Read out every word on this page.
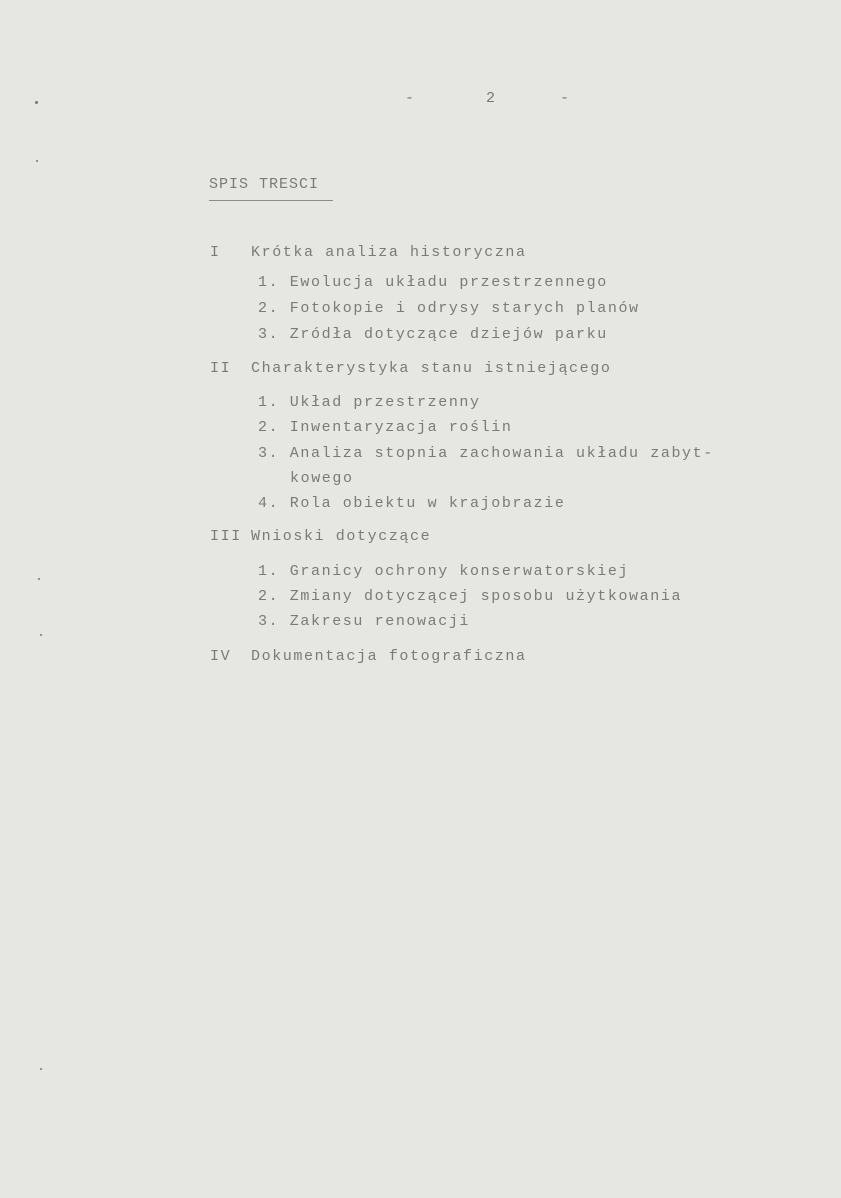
-	2	-
SPIS TRESCI
I Krótka analiza historyczna
1. Ewolucja układu przestrzennego
2. Fotokopie i odrysy starych planów
3. Zródła dotyczące dziejów parku
II Charakterystyka stanu istniejącego
1. Układ przestrzenny
2. Inwentaryzacja roślin
3. Analiza stopnia zachowania układu zabyt-
kowego
4. Rola obiektu w krajobrazie
III Wnioski dotyczące
1. Granicy ochrony konserwatorskiej
2. Zmiany dotyczącej sposobu użytkowania
3. Zakresu renowacji
IV Dokumentacja fotograficzna
